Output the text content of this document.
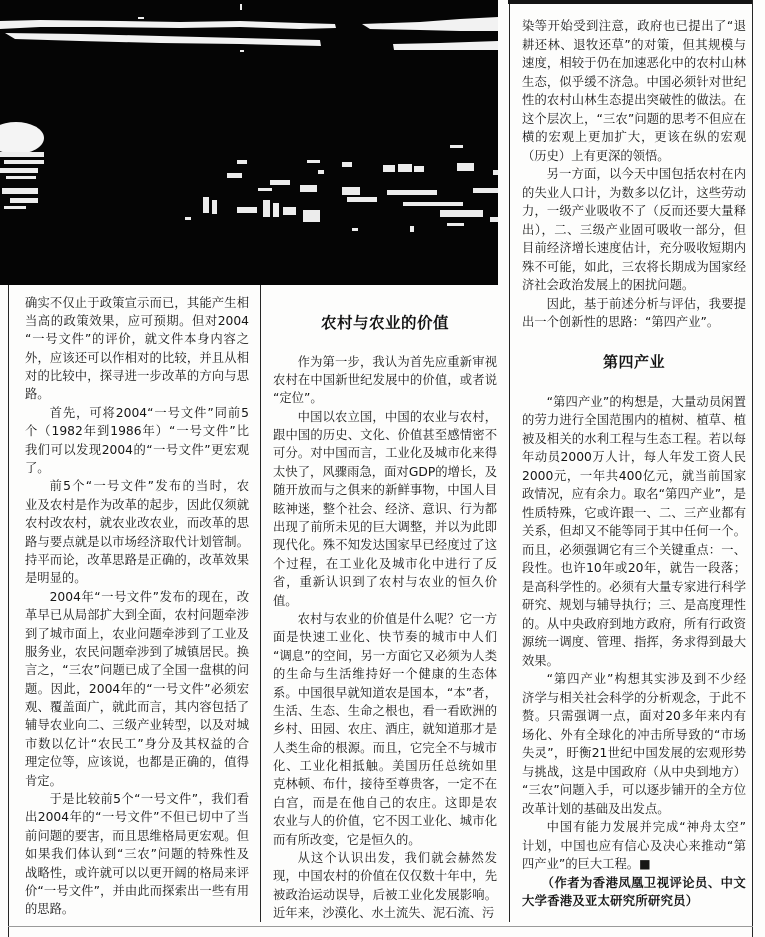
确实不仅止于政策宣示而已，其能产生相
当高的政策效果，应可预期。但对2004
“一号文件”的评价，就文件本身内容之
外，应该还可以作相对的比较，并且从相
对的比较中，探寻进一步改革的方向与思
路。
首先，可将2004“一号文件”同前5
个（1982年到1986年）“一号文件”比
我们可以发现2004的“一号文件”更宏观
了。
前5个“一号文件”发布的当时，农
业及农村是作为改革的起步，因此仅须就
农村改农村，就农业改农业，而改革的思
路与要点就是以市场经济取代计划管制。
持平而论，改革思路是正确的，改革效果
是明显的。
2004年“一号文件”发布的现在，改
革早已从局部扩大到全面，农村问题牵涉
到了城市面上，农业问题牵涉到了工业及
服务业，农民问题牵涉到了城镇居民。换
言之，“三农”问题已成了全国一盘棋的问
题。因此，2004年的“一号文件”必须宏
观、覆盖面广，就此而言，其内容包括了
辅导农业向二、三级产业转型，以及对城
市数以亿计“农民工”身分及其权益的合
理定位等，应该说，也都是正确的，值得
肯定。
于是比较前5个“一号文件”，我们看
出2004年的“一号文件”不但已切中了当
前问题的要害，而且思维格局更宏观。但
如果我们体认到“三农”问题的特殊性及
战略性，或许就可以以更开阔的格局来评
价“一号文件”，并由此而探索出一些有用
的思路。
农村与农业的价值
作为第一步，我认为首先应重新审视
农村在中国新世纪发展中的价值，或者说
“定位”。
中国以农立国，中国的农业与农村，
跟中国的历史、文化、价值甚至感情密不
可分。对中国而言，工业化及城市化来得
太快了，风骤雨急，面对GDP的增长，及
随开放而与之俱来的新鲜事物，中国人目
眩神迷，整个社会、经济、意识、行为都
出现了前所未见的巨大调整，并以为此即
现代化。殊不知发达国家早已经度过了这
个过程，在工业化及城市化中进行了反
省，重新认识到了农村与农业的恒久价
值。
农村与农业的价值是什么呢？它一方
面是快速工业化、快节奏的城市中人们
“调息”的空间，另一方面它又必须为人类
的生命与生活维持好一个健康的生态体
系。中国很早就知道农是国本，“本”者，
生活、生态、生命之根也，看一看欧洲的
乡村、田园、农庄、酒庄，就知道那才是
人类生命的根源。而且，它完全不与城市
化、工业化相抵触。美国历任总统如里
克林顿、布什，接待至尊贵客，一定不在
白宫，而是在他自己的农庄。这即是农
农业与人的价值，它不因工业化、城市化
而有所改变，它是恒久的。
从这个认识出发，我们就会赫然发
现，中国农村的价值在仅仅数十年中，先
被政治运动误导，后被工业化发展影响。
近年来，沙漠化、水土流失、泥石流、污
染等开始受到注意，政府也已提出了“退
耕还林、退牧还草”的对策，但其规模与
速度，相较于仍在加速恶化中的农村山林
生态，似乎缓不济急。中国必须针对世纪
性的农村山林生态提出突破性的做法。在
这个层次上，“三农”问题的思考不但应在
横的宏观上更加扩大，更该在纵的宏观
（历史）上有更深的领悟。
另一方面，以今天中国包括农村在内
的失业人口计，为数多以亿计，这些劳动
力，一级产业吸收不了（反而还要大量释
出），二、三级产业固可吸收一部分，但
目前经济增长速度估计，充分吸收短期内
殊不可能，如此，三农将长期成为国家经
济社会政治发展上的困扰问题。
因此，基于前述分析与评估，我要提
出一个创新性的思路：“第四产业”。
第四产业
“第四产业”的构想是，大量动员闲置
的劳力进行全国范围内的植树、植草、植
被及相关的水利工程与生态工程。若以每
年动员2000万人计，每人年发工资人民
2000元，一年共400亿元，就当前国家
政情况，应有余力。取名“第四产业”，是
性质特殊，它或许跟一、二、三产业都有
关系，但却又不能等同于其中任何一个。
而且，必须强调它有三个关键重点：一、
段性。也许10年或20年，就告一段落；
是高科学性的。必须有大量专家进行科学
研究、规划与辅导执行；三、是高度理性
的。从中央政府到地方政府，所有行政资
源统一调度、管理、指挥，务求得到最大
效果。
“第四产业”构想其实涉及到不少经
济学与相关社会科学的分析观念，于此不
赘。只需强调一点，面对20多年来内有
场化、外有全球化的冲击所导致的“市场
失灵”，盱衡21世纪中国发展的宏观形势
与挑战，这是中国政府（从中央到地方）
“三农”问题入手，可以逐步铺开的全方位
改革计划的基础及出发点。
中国有能力发展并完成“神舟太空”
计划，中国也应有信心及决心来推动“第
四产业”的巨大工程。■
（作者为香港凤凰卫视评论员、中文
大学香港及亚太研究所研究员）
